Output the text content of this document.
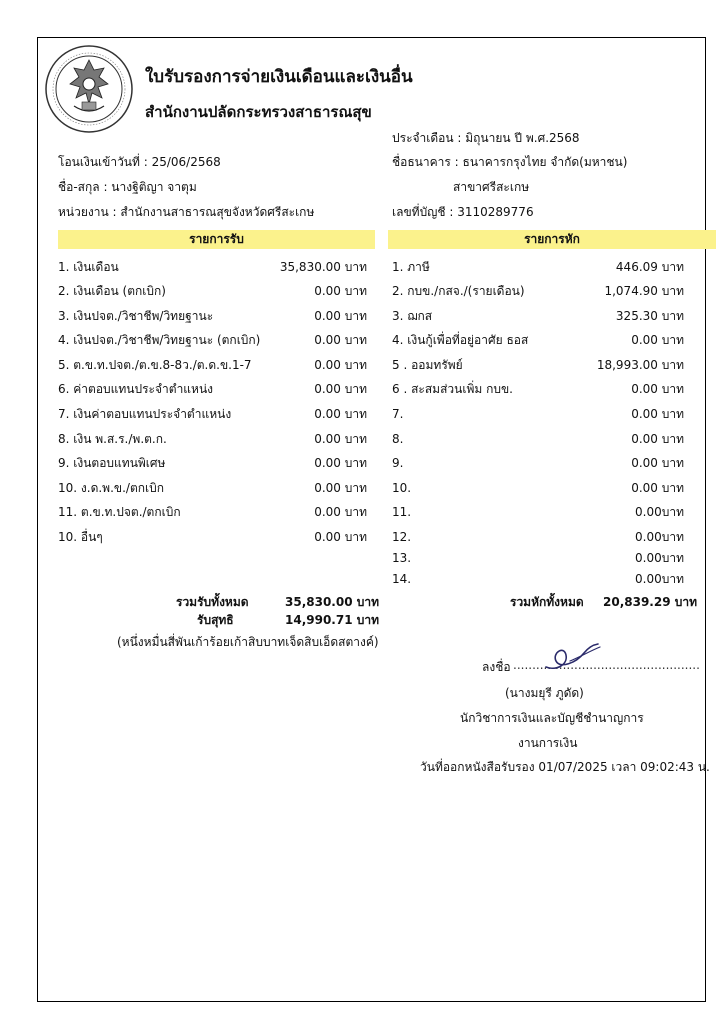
ใบรับรองการจ่ายเงินเดือนและเงินอื่น
สำนักงานปลัดกระทรวงสาธารณสุข
ประจำเดือน : มิถุนายน ปี พ.ศ.2568
โอนเงินเข้าวันที่ : 25/06/2568	ชื่อธนาคาร : ธนาคารกรุงไทย จำกัด(มหาชน)
ชื่อ-สกุล : นางฐิติญา จาตุม	สาขาศรีสะเกษ
หน่วยงาน : สำนักงานสาธารณสุขจังหวัดศรีสะเกษ	เลขที่บัญชี : 3110289776
รายการรับ	รายการหัก
1. เงินเดือน	35,830.00 บาท
2. เงินเดือน (ตกเบิก)	0.00 บาท
3. เงินปจต./วิชาชีพ/วิทยฐานะ	0.00 บาท
4. เงินปจต./วิชาชีพ/วิทยฐานะ (ตกเบิก)	0.00 บาท
5. ต.ข.ท.ปจต./ต.ข.8-8ว./ต.ด.ข.1-7	0.00 บาท
6. ค่าตอบแทนประจำตำแหน่ง	0.00 บาท
7. เงินค่าตอบแทนประจำตำแหน่ง	0.00 บาท
8. เงิน พ.ส.ร./พ.ต.ก.	0.00 บาท
9. เงินตอบแทนพิเศษ	0.00 บาท
10. ง.ด.พ.ข./ตกเบิก	0.00 บาท
11. ต.ข.ท.ปจต./ตกเบิก	0.00 บาท
10. อื่นๆ	0.00 บาท
1. ภาษี	446.09 บาท
2. กบข./กสจ./(รายเดือน)	1,074.90 บาท
3. ฌกส	325.30 บาท
4. เงินกู้เพื่อที่อยู่อาศัย ธอส	0.00 บาท
5 . ออมทรัพย์	18,993.00 บาท
6 . สะสมส่วนเพิ่ม กบข.	0.00 บาท
7.	0.00 บาท
8.	0.00 บาท
9.	0.00 บาท
10.	0.00 บาท
11.	0.00บาท
12.	0.00บาท
13.	0.00บาท
14.	0.00บาท
รวมรับทั้งหมด	35,830.00 บาท
รับสุทธิ	14,990.71 บาท
(หนึ่งหมื่นสี่พันเก้าร้อยเก้าสิบบาทเจ็ดสิบเอ็ดสตางค์)
รวมหักทั้งหมด 20,839.29 บาท
ลงชื่อ .................................................
(นางมยุรี ภูดัด)
นักวิชาการเงินและบัญชีชำนาญการ
งานการเงิน
วันที่ออกหนังสือรับรอง 01/07/2025 เวลา 09:02:43 น.
